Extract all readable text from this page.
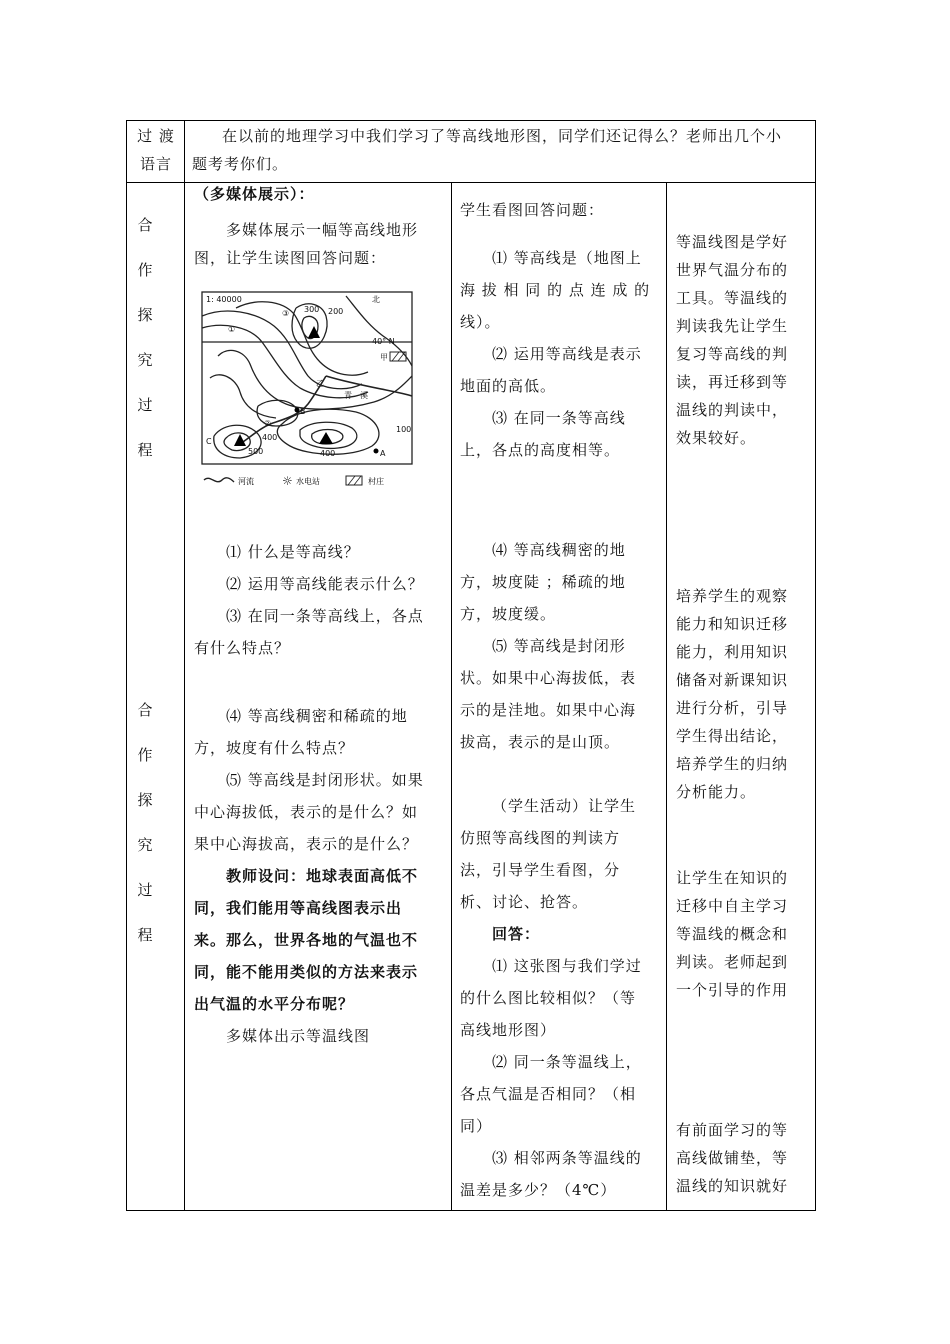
过 渡
语言
在以前的地理学习中我们学习了等高线地形图，同学们还记得么？老师出几个小
题考考你们。
合
作
探
究
过
程
合
作
探
究
过
程
（多媒体展示）：
多媒体展示一幅等高线地形
图，让学生读图回答问题：
1: 40000	北
40° N
甲
乙
青　溪
①
②
③ 300 200
400
400
500
100
A
B
C
河流 ☼ 水电站	村庄
⑴ 什么是等高线？
⑵ 运用等高线能表示什么？
⑶ 在同一条等高线上，各点
有什么特点？
⑷ 等高线稠密和稀疏的地
方，坡度有什么特点？
⑸ 等高线是封闭形状。如果
中心海拔低，表示的是什么？如
果中心海拔高，表示的是什么？
教师设问：地球表面高低不
同，我们能用等高线图表示出
来。那么，世界各地的气温也不
同，能不能用类似的方法来表示
出气温的水平分布呢？
多媒体出示等温线图
学生看图回答问题：
⑴ 等高线是（地图上
海 拔 相 同 的 点 连 成 的
线）。
⑵ 运用等高线是表示
地面的高低。
⑶ 在同一条等高线
上，各点的高度相等。
⑷ 等高线稠密的地
方，坡度陡 ；稀疏的地
方，坡度缓。
⑸ 等高线是封闭形
状。如果中心海拔低，表
示的是洼地。如果中心海
拔高，表示的是山顶。
（学生活动）让学生
仿照等高线图的判读方
法，引导学生看图，分
析、讨论、抢答。
回答：
⑴ 这张图与我们学过
的什么图比较相似？（等
高线地形图）
⑵ 同一条等温线上，
各点气温是否相同？（相
同）
⑶ 相邻两条等温线的
温差是多少？（4℃）
等温线图是学好
世界气温分布的
工具。等温线的
判读我先让学生
复习等高线的判
读，再迁移到等
温线的判读中，
效果较好。
培养学生的观察
能力和知识迁移
能力，利用知识
储备对新课知识
进行分析，引导
学生得出结论，
培养学生的归纳
分析能力。
让学生在知识的
迁移中自主学习
等温线的概念和
判读。老师起到
一个引导的作用
有前面学习的等
高线做铺垫，等
温线的知识就好
